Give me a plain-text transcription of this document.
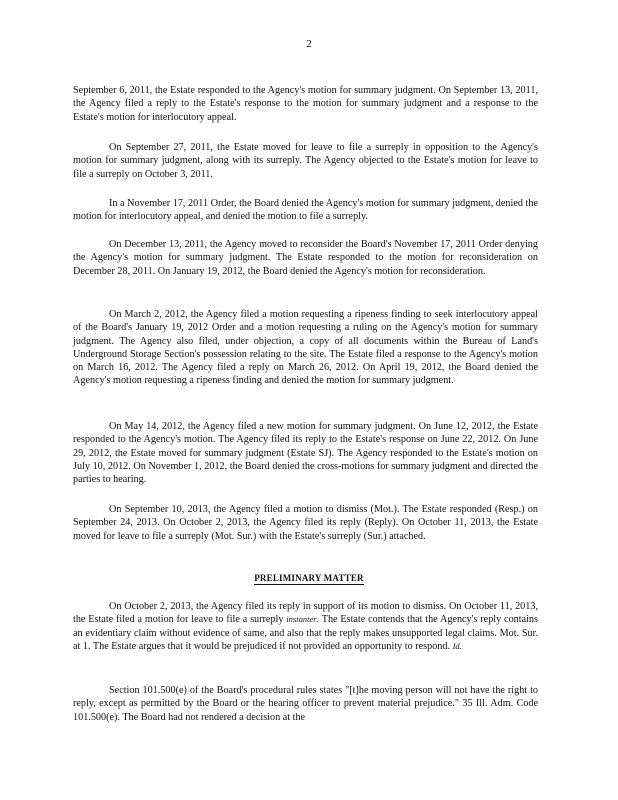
2

September 6, 2011, the Estate responded to the Agency's motion for summary judgment. On September 13, 2011, the Agency filed a reply to the Estate's response to the motion for summary judgment and a response to the Estate's motion for interlocutory appeal.

On September 27, 2011, the Estate moved for leave to file a surreply in opposition to the Agency's motion for summary judgment, along with its surreply. The Agency objected to the Estate's motion for leave to file a surreply on October 3, 2011.

In a November 17, 2011 Order, the Board denied the Agency's motion for summary judgment, denied the motion for interlocutory appeal, and denied the motion to file a surreply.

On December 13, 2011, the Agency moved to reconsider the Board's November 17, 2011 Order denying the Agency's motion for summary judgment. The Estate responded to the motion for reconsideration on December 28, 2011. On January 19, 2012, the Board denied the Agency's motion for reconsideration.

On March 2, 2012, the Agency filed a motion requesting a ripeness finding to seek interlocutory appeal of the Board's January 19, 2012 Order and a motion requesting a ruling on the Agency's motion for summary judgment. The Agency also filed, under objection, a copy of all documents within the Bureau of Land's Underground Storage Section's possession relating to the site. The Estate filed a response to the Agency's motion on March 16, 2012. The Agency filed a reply on March 26, 2012. On April 19, 2012, the Board denied the Agency's motion requesting a ripeness finding and denied the motion for summary judgment.

On May 14, 2012, the Agency filed a new motion for summary judgment. On June 12, 2012, the Estate responded to the Agency's motion. The Agency filed its reply to the Estate's response on June 22, 2012. On June 29, 2012, the Estate moved for summary judgment (Estate SJ). The Agency responded to the Estate's motion on July 10, 2012. On November 1, 2012, the Board denied the cross-motions for summary judgment and directed the parties to hearing.

On September 10, 2013, the Agency filed a motion to dismiss (Mot.). The Estate responded (Resp.) on September 24, 2013. On October 2, 2013, the Agency filed its reply (Reply). On October 11, 2013, the Estate moved for leave to file a surreply (Mot. Sur.) with the Estate's surreply (Sur.) attached.

PRELIMINARY MATTER

On October 2, 2013, the Agency filed its reply in support of its motion to dismiss. On October 11, 2013, the Estate filed a motion for leave to file a surreply instanter. The Estate contends that the Agency's reply contains an evidentiary claim without evidence of same, and also that the reply makes unsupported legal claims. Mot. Sur. at 1. The Estate argues that it would be prejudiced if not provided an opportunity to respond. Id.

Section 101.500(e) of the Board's procedural rules states "[t]he moving person will not have the right to reply, except as permitted by the Board or the hearing officer to prevent material prejudice." 35 Ill. Adm. Code 101.500(e). The Board had not rendered a decision at the
